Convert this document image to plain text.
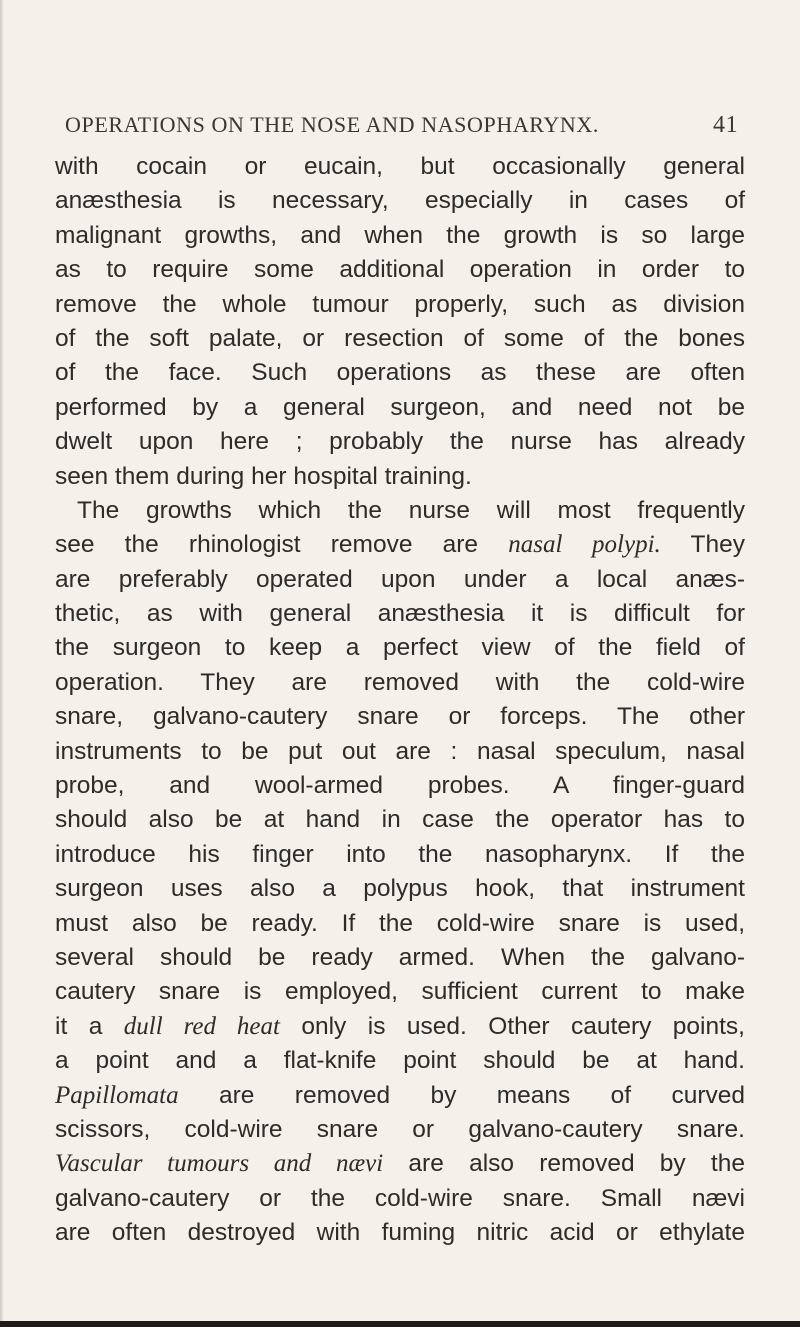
OPERATIONS ON THE NOSE AND NASOPHARYNX.	41
with cocain or eucain, but occasionally general
anæsthesia is necessary, especially in cases of
malignant growths, and when the growth is so large
as to require some additional operation in order to
remove the whole tumour properly, such as division
of the soft palate, or resection of some of the bones
of the face. Such operations as these are often
performed by a general surgeon, and need not be
dwelt upon here ; probably the nurse has already
seen them during her hospital training.
The growths which the nurse will most frequently
see the rhinologist remove are nasal polypi. They
are preferably operated upon under a local anæs-
thetic, as with general anæsthesia it is difficult for
the surgeon to keep a perfect view of the field of
operation. They are removed with the cold-wire
snare, galvano-cautery snare or forceps. The other
instruments to be put out are : nasal speculum, nasal
probe, and wool-armed probes. A finger-guard
should also be at hand in case the operator has to
introduce his finger into the nasopharynx. If the
surgeon uses also a polypus hook, that instrument
must also be ready. If the cold-wire snare is used,
several should be ready armed. When the galvano-
cautery snare is employed, sufficient current to make
it a dull red heat only is used. Other cautery points,
a point and a flat-knife point should be at hand.
Papillomata are removed by means of curved
scissors, cold-wire snare or galvano-cautery snare.
Vascular tumours and nævi are also removed by the
galvano-cautery or the cold-wire snare. Small nævi
are often destroyed with fuming nitric acid or ethylate
